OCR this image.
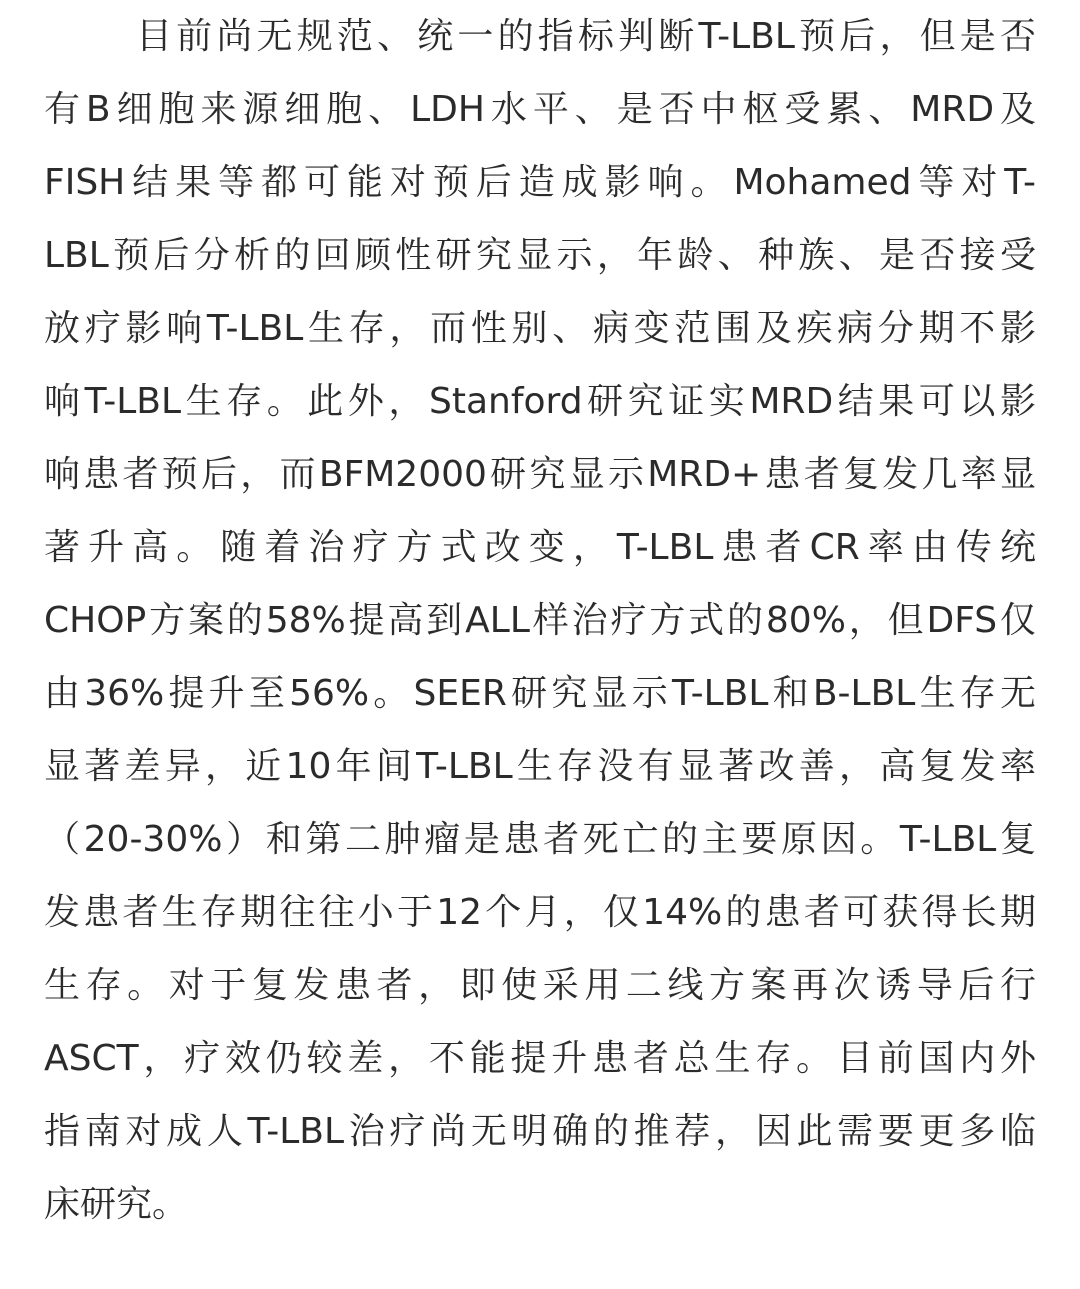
目前尚无规范、统一的指标判断T-LBL预后，但是否
有B细胞来源细胞、LDH水平、是否中枢受累、MRD及
FISH结果等都可能对预后造成影响。Mohamed等对T-
LBL预后分析的回顾性研究显示，年龄、种族、是否接受
放疗影响T-LBL生存，而性别、病变范围及疾病分期不影
响T-LBL生存。此外，Stanford研究证实MRD结果可以影
响患者预后，而BFM2000研究显示MRD+患者复发几率显
著升高。随着治疗方式改变，T-LBL患者CR率由传统
CHOP方案的58%提高到ALL样治疗方式的80%，但DFS仅
由36%提升至56%。SEER研究显示T-LBL和B-LBL生存无
显著差异，近10年间T-LBL生存没有显著改善，高复发率
（20-30%）和第二肿瘤是患者死亡的主要原因。T-LBL复
发患者生存期往往小于12个月，仅14%的患者可获得长期
生存。对于复发患者，即使采用二线方案再次诱导后行
ASCT，疗效仍较差，不能提升患者总生存。目前国内外
指南对成人T-LBL治疗尚无明确的推荐，因此需要更多临
床研究。
